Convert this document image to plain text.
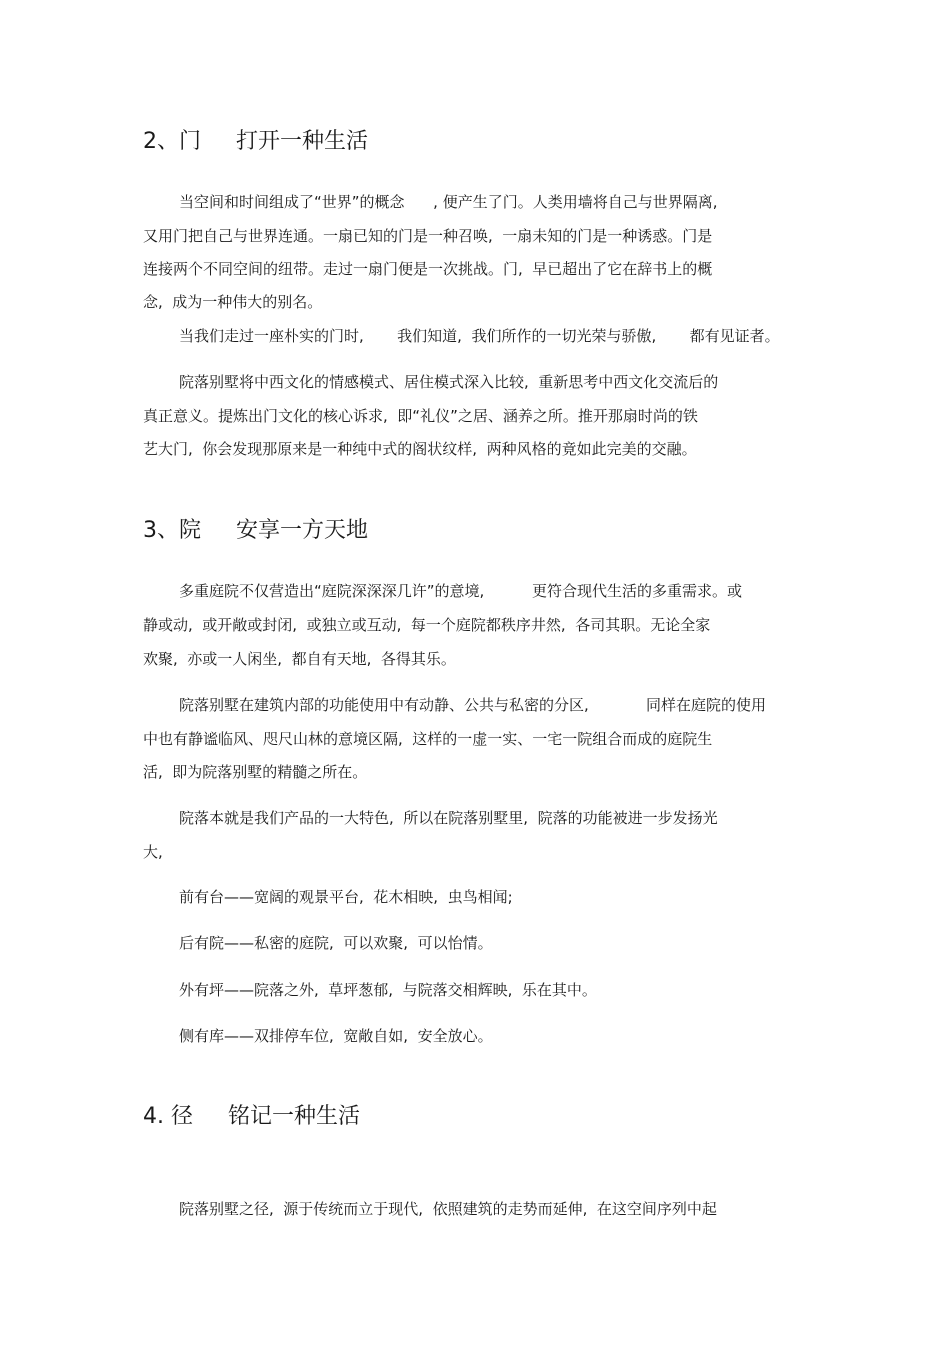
2、门     打开一种生活

当空间和时间组成了“世界”的概念      , 便产生了门。人类用墙将自己与世界隔离,

又用门把自己与世界连通。一扇已知的门是一种召唤,  一扇未知的门是一种诱惑。门是

连接两个不同空间的纽带。走过一扇门便是一次挑战。门,  早已超出了它在辞书上的概

念,  成为一种伟大的别名。

当我们走过一座朴实的门时,       我们知道,  我们所作的一切光荣与骄傲,       都有见证者。

院落别墅将中西文化的情感模式、居住模式深入比较,  重新思考中西文化交流后的

真正意义。提炼出门文化的核心诉求,  即“礼仪”之居、涵养之所。推开那扇时尚的铁

艺大门,  你会发现那原来是一种纯中式的阁状纹样,  两种风格的竟如此完美的交融。

3、院     安享一方天地

多重庭院不仅营造出“庭院深深深几许”的意境,          更符合现代生活的多重需求。或

静或动,  或开敞或封闭,  或独立或互动,  每一个庭院都秩序井然,  各司其职。无论全家

欢聚,  亦或一人闲坐,  都自有天地,  各得其乐。

院落别墅在建筑内部的功能使用中有动静、公共与私密的分区,            同样在庭院的使用

中也有静谧临风、咫尺山林的意境区隔,  这样的一虚一实、一宅一院组合而成的庭院生

活,  即为院落别墅的精髓之所在。

院落本就是我们产品的一大特色,  所以在院落别墅里,  院落的功能被进一步发扬光

大,

前有台——宽阔的观景平台,  花木相映,  虫鸟相闻;

后有院——私密的庭院,  可以欢聚,  可以怡情。

外有坪——院落之外,  草坪葱郁,  与院落交相辉映,  乐在其中。

侧有库——双排停车位,  宽敞自如,  安全放心。

4. 径     铭记一种生活

院落别墅之径,  源于传统而立于现代,  依照建筑的走势而延伸,  在这空间序列中起
